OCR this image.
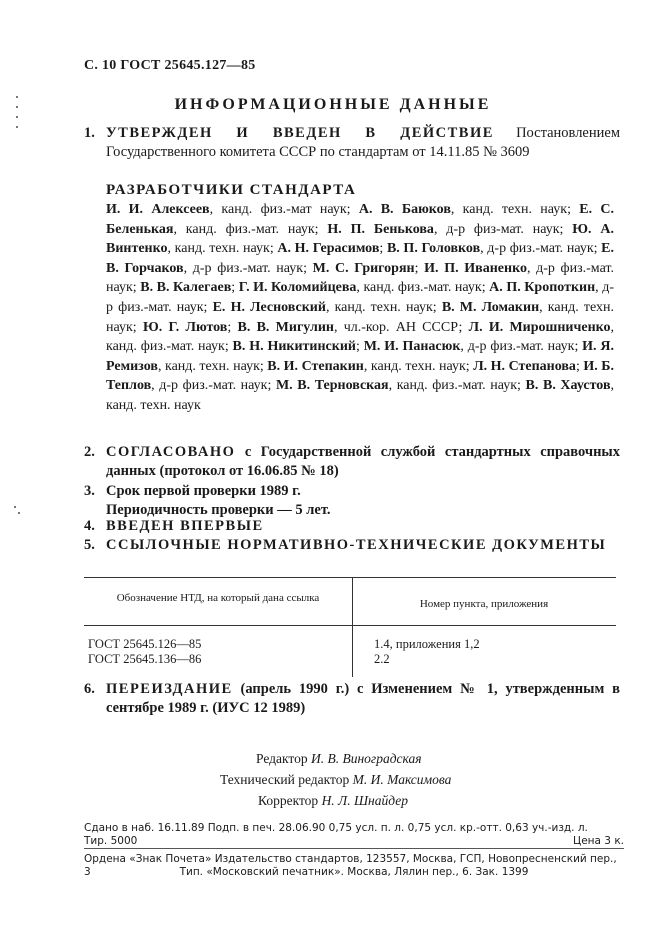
С. 10 ГОСТ 25645.127—85
ИНФОРМАЦИОННЫЕ ДАННЫЕ
1. УТВЕРЖДЕН И ВВЕДЕН В ДЕЙСТВИЕ Постановлением Государственного комитета СССР по стандартам от 14.11.85 № 3609
РАЗРАБОТЧИКИ СТАНДАРТА
И. И. Алексеев, канд. физ.-мат наук; А. В. Баюков, канд. техн. наук; Е. С. Беленькая, канд. физ.-мат. наук; Н. П. Бенькова, д-р физ-мат. наук; Ю. А. Винтенко, канд. техн. наук; А. Н. Герасимов; В. П. Головков, д-р физ.-мат. наук; Е. В. Горчаков, д-р физ.-мат. наук; М. С. Григорян; И. П. Иваненко, д-р физ.-мат. наук; В. В. Калегаев; Г. И. Коломийцева, канд. физ.-мат. наук; А. П. Кропоткин, д-р физ.-мат. наук; Е. Н. Лесновский, канд. техн. наук; В. М. Ломакин, канд. техн. наук; Ю. Г. Лютов; В. В. Мигулин, чл.-кор. АН СССР; Л. И. Мирошниченко, канд. физ.-мат. наук; В. Н. Никитинский; М. И. Панасюк, д-р физ.-мат. наук; И. Я. Ремизов, канд. техн. наук; В. И. Степакин, канд. техн. наук; Л. Н. Степанова; И. Б. Теплов, д-р физ.-мат. наук; М. В. Терновская, канд. физ.-мат. наук; В. В. Хаустов, канд. техн. наук
2. СОГЛАСОВАНО с Государственной службой стандартных справочных данных (протокол от 16.06.85 № 18)
3. Срок первой проверки 1989 г.
Периодичность проверки — 5 лет.
4. ВВЕДЕН ВПЕРВЫЕ
5. ССЫЛОЧНЫЕ НОРМАТИВНО-ТЕХНИЧЕСКИЕ ДОКУМЕНТЫ
Обозначение НТД, на который дана ссылка	Номер пункта, приложения
ГОСТ 25645.126—85	1.4, приложения 1,2
ГОСТ 25645.136—86	2.2
6. ПЕРЕИЗДАНИЕ (апрель 1990 г.) с Изменением № 1, утвержденным в сентябре 1989 г. (ИУС 12 1989)
Редактор И. В. Виноградская
Технический редактор М. И. Максимова
Корректор Н. Л. Шнайдер
Сдано в наб. 16.11.89 Подп. в печ. 28.06.90 0,75 усл. п. л. 0,75 усл. кр.-отт. 0,63 уч.-изд. л.
Тир. 5000	Цена 3 к.
Ордена «Знак Почета» Издательство стандартов, 123557, Москва, ГСП, Новопресненский пер., 3	Тип. «Московский печатник». Москва, Лялин пер., 6. Зак. 1399
